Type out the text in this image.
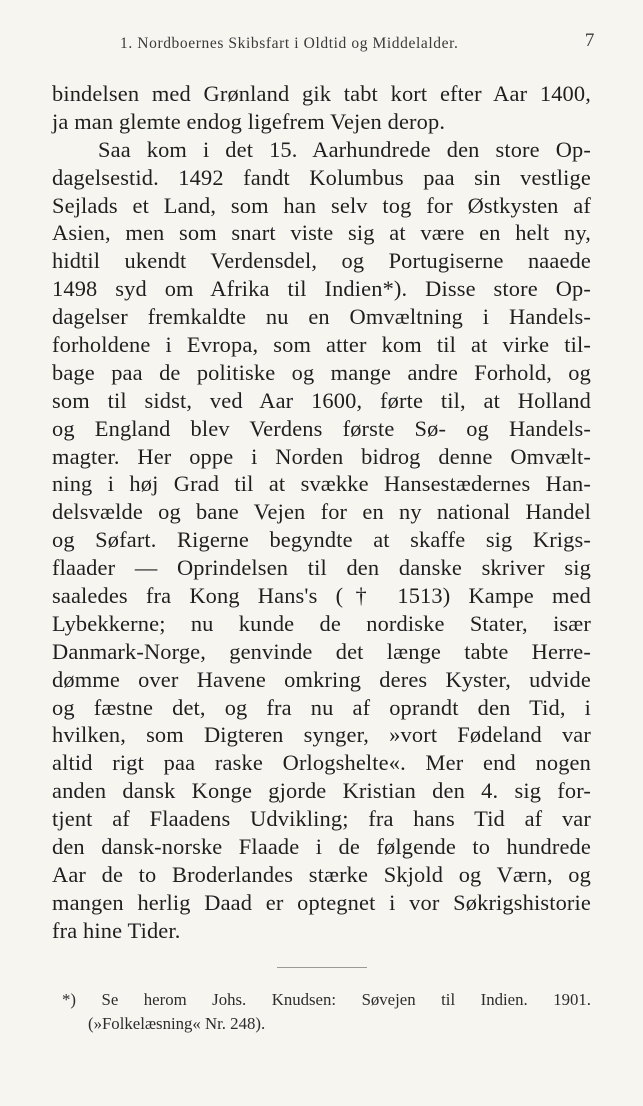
1. Nordboernes Skibsfart i Oldtid og Middelalder.	7
bindelsen med Grønland gik tabt kort efter Aar 1400,
ja man glemte endog ligefrem Vejen derop.
Saa kom i det 15. Aarhundrede den store Op-
dagelsestid. 1492 fandt Kolumbus paa sin vestlige
Sejlads et Land, som han selv tog for Østkysten af
Asien, men som snart viste sig at være en helt ny,
hidtil ukendt Verdensdel, og Portugiserne naaede
1498 syd om Afrika til Indien*). Disse store Op-
dagelser fremkaldte nu en Omvæltning i Handels-
forholdene i Evropa, som atter kom til at virke til-
bage paa de politiske og mange andre Forhold, og
som til sidst, ved Aar 1600, førte til, at Holland
og England blev Verdens første Sø- og Handels-
magter. Her oppe i Norden bidrog denne Omvælt-
ning i høj Grad til at svække Hansestædernes Han-
delsvælde og bane Vejen for en ny national Handel
og Søfart. Rigerne begyndte at skaffe sig Krigs-
flaader — Oprindelsen til den danske skriver sig
saaledes fra Kong Hans's († 1513) Kampe med
Lybekkerne; nu kunde de nordiske Stater, især
Danmark-Norge, genvinde det længe tabte Herre-
dømme over Havene omkring deres Kyster, udvide
og fæstne det, og fra nu af oprandt den Tid, i
hvilken, som Digteren synger, »vort Fødeland var
altid rigt paa raske Orlogshelte«. Mer end nogen
anden dansk Konge gjorde Kristian den 4. sig for-
tjent af Flaadens Udvikling; fra hans Tid af var
den dansk-norske Flaade i de følgende to hundrede
Aar de to Broderlandes stærke Skjold og Værn, og
mangen herlig Daad er optegnet i vor Søkrigshistorie
fra hine Tider.
*) Se herom Johs. Knudsen: Søvejen til Indien. 1901.
(»Folkelæsning« Nr. 248).
